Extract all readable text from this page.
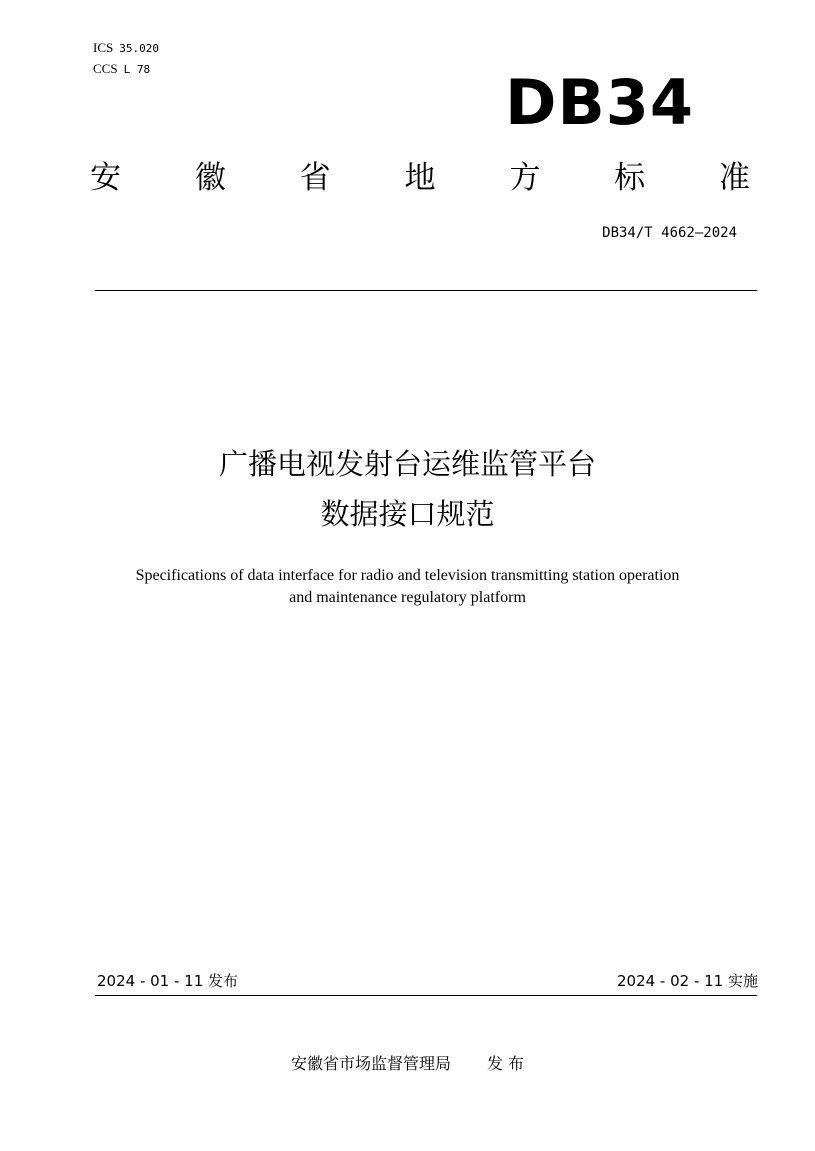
ICS 35.020
CCS L 78	DB34
安 徽 省 地 方 标 准
DB34/T 4662—2024
广播电视发射台运维监管平台
数据接口规范
Specifications of data interface for radio and television transmitting station operation
and maintenance regulatory platform
2024 - 01 - 11 发布	2024 - 02 - 11 实施
安徽省市场监督管理局 发 布
